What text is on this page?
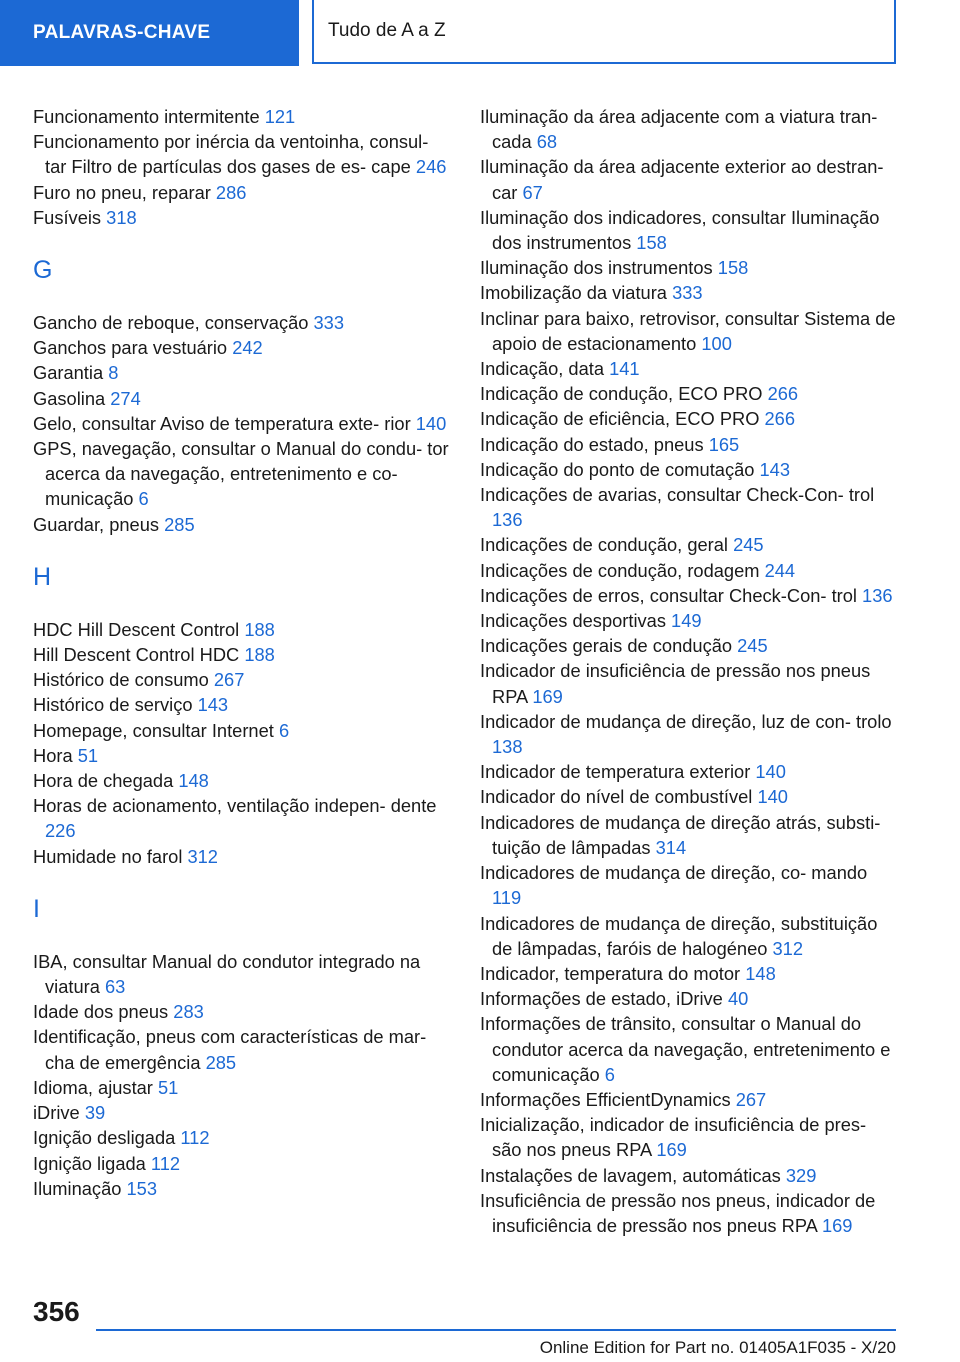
PALAVRAS-CHAVE	Tudo de A a Z

Funcionamento intermitente 121

Funcionamento por inércia da ventoinha, consul‐ tar Filtro de partículas dos gases de es‐ cape 246

Furo no pneu, reparar 286

Fusíveis 318

G

Gancho de reboque, conservação 333

Ganchos para vestuário 242

Garantia 8

Gasolina 274

Gelo, consultar Aviso de temperatura exte‐ rior 140

GPS, navegação, consultar o Manual do condu‐ tor acerca da navegação, entretenimento e co‐ municação 6

Guardar, pneus 285

H

HDC Hill Descent Control 188

Hill Descent Control HDC 188

Histórico de consumo 267

Histórico de serviço 143

Homepage, consultar Internet 6

Hora 51

Hora de chegada 148

Horas de acionamento, ventilação indepen‐ dente 226

Humidade no farol 312

I

IBA, consultar Manual do condutor integrado na viatura 63

Idade dos pneus 283

Identificação, pneus com características de mar‐ cha de emergência 285

Idioma, ajustar 51

iDrive 39

Ignição desligada 112

Ignição ligada 112

Iluminação 153

Iluminação da área adjacente com a viatura tran‐ cada 68

Iluminação da área adjacente exterior ao destran‐ car 67

Iluminação dos indicadores, consultar Iluminação dos instrumentos 158

Iluminação dos instrumentos 158

Imobilização da viatura 333

Inclinar para baixo, retrovisor, consultar Sistema de apoio de estacionamento 100

Indicação, data 141

Indicação de condução, ECO PRO 266

Indicação de eficiência, ECO PRO 266

Indicação do estado, pneus 165

Indicação do ponto de comutação 143

Indicações de avarias, consultar Check-Con‐ trol 136

Indicações de condução, geral 245

Indicações de condução, rodagem 244

Indicações de erros, consultar Check-Con‐ trol 136

Indicações desportivas 149

Indicações gerais de condução 245

Indicador de insuficiência de pressão nos pneus RPA 169

Indicador de mudança de direção, luz de con‐ trolo 138

Indicador de temperatura exterior 140

Indicador do nível de combustível 140

Indicadores de mudança de direção atrás, substi‐ tuição de lâmpadas 314

Indicadores de mudança de direção, co‐ mando 119

Indicadores de mudança de direção, substituição de lâmpadas, faróis de halogéneo 312

Indicador, temperatura do motor 148

Informações de estado, iDrive 40

Informações de trânsito, consultar o Manual do condutor acerca da navegação, entretenimento e comunicação 6

Informações EfficientDynamics 267

Inicialização, indicador de insuficiência de pres‐ são nos pneus RPA 169

Instalações de lavagem, automáticas 329

Insuficiência de pressão nos pneus, indicador de insuficiência de pressão nos pneus RPA 169

356
Online Edition for Part no. 01405A1F035 - X/20
